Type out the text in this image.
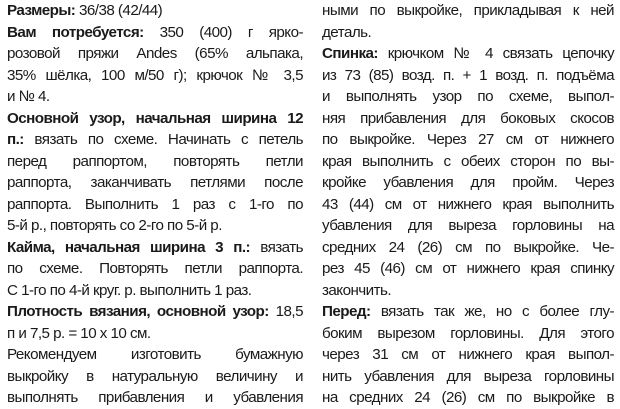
Размеры: 36/38 (42/44)
Вам потребуется: 350 (400) г ярко-
розовой пряжи Andes (65% альпака,
35% шёлка, 100 м/50 г); крючок № 3,5
и № 4.
Основной узор, начальная ширина 12
п.: вязать по схеме. Начинать с петель
перед раппортом, повторять петли
раппорта, заканчивать петлями после
раппорта. Выполнить 1 раз с 1-го по
5-й р., повторять со 2-го по 5-й р.
Кайма, начальная ширина 3 п.: вязать
по схеме. Повторять петли раппорта.
С 1-го по 4-й круг. р. выполнить 1 раз.
Плотность вязания, основной узор: 18,5
п и 7,5 р. = 10 х 10 см.
Рекомендуем изготовить бумажную
выкройку в натуральную величину и
выполнять прибавления и убавления
ными по выкройке, прикладывая к ней
деталь.
Спинка: крючком № 4 связать цепочку
из 73 (85) возд. п. + 1 возд. п. подъёма
и выполнять узор по схеме, выпол-
няя прибавления для боковых скосов
по выкройке. Через 27 см от нижнего
края выполнить с обеих сторон по вы-
кройке убавления для пройм. Через
43 (44) см от нижнего края выполнить
убавления для выреза горловины на
средних 24 (26) см по выкройке. Че-
рез 45 (46) см от нижнего края спинку
закончить.
Перед: вязать так же, но с более глу-
боким вырезом горловины. Для этого
через 31 см от нижнего края выпол-
нить убавления для выреза горловины
на средних 24 (26) см по выкройке в
